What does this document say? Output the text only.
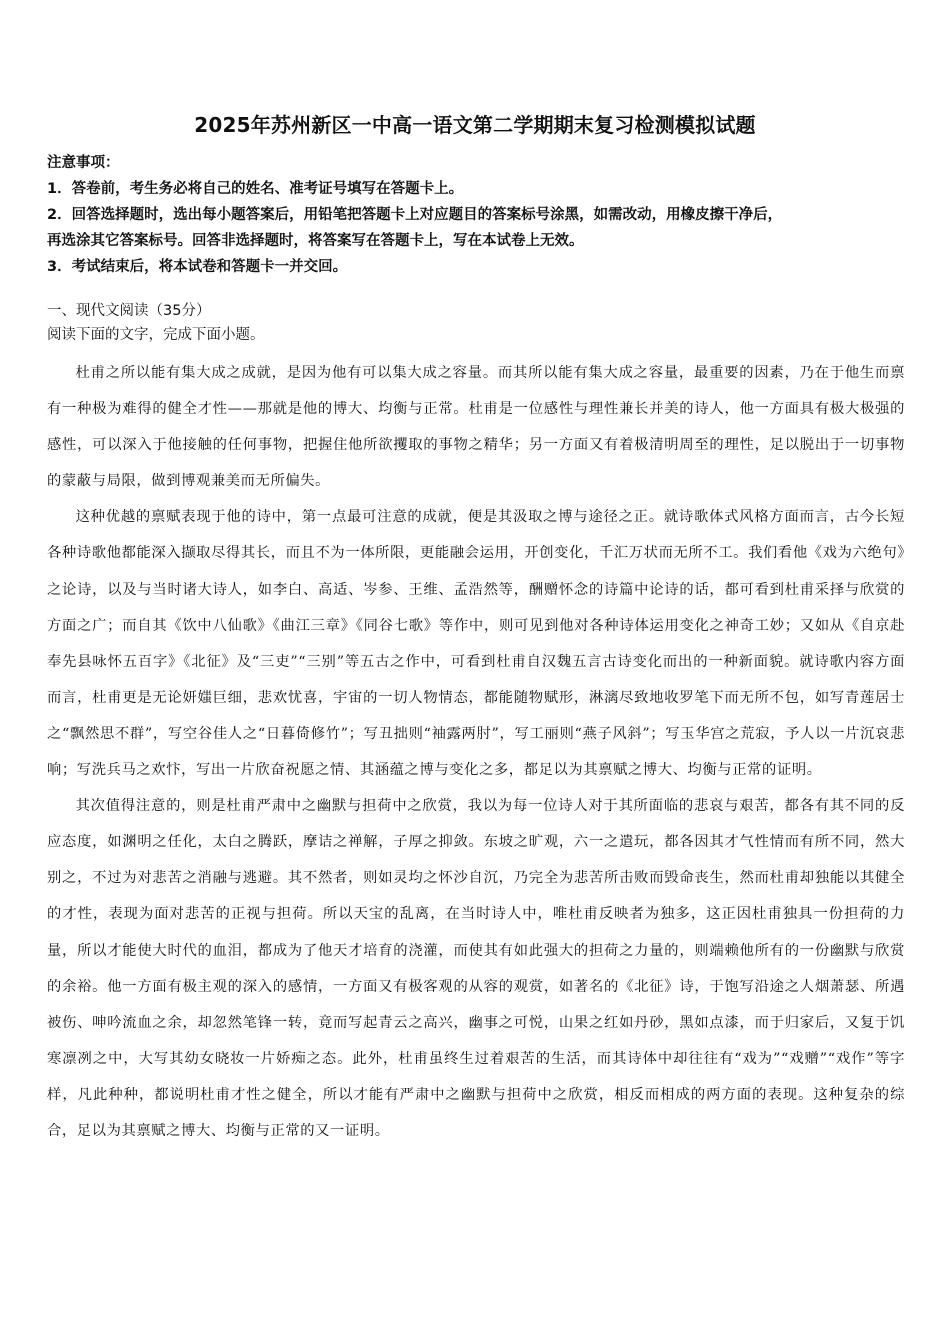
2025年苏州新区一中高一语文第二学期期末复习检测模拟试题
注意事项：
1．答卷前，考生务必将自己的姓名、准考证号填写在答题卡上。
2．回答选择题时，选出每小题答案后，用铅笔把答题卡上对应题目的答案标号涂黑，如需改动，用橡皮擦干净后，
再选涂其它答案标号。回答非选择题时，将答案写在答题卡上，写在本试卷上无效。
3．考试结束后，将本试卷和答题卡一并交回。
一、现代文阅读（35分）
阅读下面的文字，完成下面小题。

杜甫之所以能有集大成之成就，是因为他有可以集大成之容量。而其所以能有集大成之容量，最重要的因素，乃在于他生而禀有一种极为难得的健全才性——那就是他的博大、均衡与正常。杜甫是一位感性与理性兼长并美的诗人，他一方面具有极大极强的感性，可以深入于他接触的任何事物，把握住他所欲攫取的事物之精华；另一方面又有着极清明周至的理性，足以脱出于一切事物的蒙蔽与局限，做到博观兼美而无所偏失。

这种优越的禀赋表现于他的诗中，第一点最可注意的成就，便是其汲取之博与途径之正。就诗歌体式风格方面而言，古今长短各种诗歌他都能深入撷取尽得其长，而且不为一体所限，更能融会运用，开创变化，千汇万状而无所不工。我们看他《戏为六绝句》之论诗，以及与当时诸大诗人，如李白、高适、岑参、王维、孟浩然等，酬赠怀念的诗篇中论诗的话，都可看到杜甫采择与欣赏的方面之广；而自其《饮中八仙歌》《曲江三章》《同谷七歌》等作中，则可见到他对各种诗体运用变化之神奇工妙；又如从《自京赴奉先县咏怀五百字》《北征》及“三吏”“三别”等五古之作中，可看到杜甫自汉魏五言古诗变化而出的一种新面貌。就诗歌内容方面而言，杜甫更是无论妍媸巨细，悲欢忧喜，宇宙的一切人物情态，都能随物赋形，淋漓尽致地收罗笔下而无所不包，如写青莲居士之“飘然思不群”，写空谷佳人之“日暮倚修竹”；写丑拙则“袖露两肘”，写工丽则“燕子风斜”；写玉华宫之荒寂，予人以一片沉哀悲响；写洗兵马之欢忭，写出一片欣奋祝愿之情、其涵蕴之博与变化之多，都足以为其禀赋之博大、均衡与正常的证明。

其次值得注意的，则是杜甫严肃中之幽默与担荷中之欣赏，我以为每一位诗人对于其所面临的悲哀与艰苦，都各有其不同的反应态度，如渊明之任化，太白之腾跃，摩诘之禅解，子厚之抑敛。东坡之旷观，六一之遣玩，都各因其才气性情而有所不同，然大别之，不过为对悲苦之消融与逃避。其不然者，则如灵均之怀沙自沉，乃完全为悲苦所击败而毁命丧生，然而杜甫却独能以其健全的才性，表现为面对悲苦的正视与担荷。所以天宝的乱离，在当时诗人中，唯杜甫反映者为独多，这正因杜甫独具一份担荷的力量，所以才能使大时代的血泪，都成为了他天才培育的浇灌，而使其有如此强大的担荷之力量的，则端赖他所有的一份幽默与欣赏的余裕。他一方面有极主观的深入的感情，一方面又有极客观的从容的观赏，如著名的《北征》诗，于饱写沿途之人烟萧瑟、所遇被伤、呻吟流血之余，却忽然笔锋一转，竟而写起青云之高兴，幽事之可悦，山果之红如丹砂，黑如点漆，而于归家后，又复于饥寒凛冽之中，大写其幼女晓妆一片娇痴之态。此外，杜甫虽终生过着艰苦的生活，而其诗体中却往往有“戏为”“戏赠”“戏作”等字样，凡此种种，都说明杜甫才性之健全，所以才能有严肃中之幽默与担荷中之欣赏，相反而相成的两方面的表现。这种复杂的综合，足以为其禀赋之博大、均衡与正常的又一证明。
